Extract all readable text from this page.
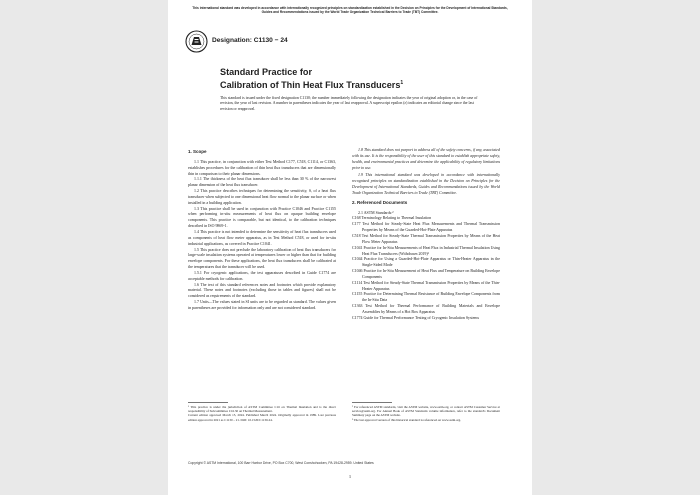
This international standard was developed in accordance with internationally recognized principles on standardization established in the Decision on Principles for the Development of International Standards, Guides and Recommendations issued by the World Trade Organization Technical Barriers to Trade (TBT) Committee.
Designation: C1130 − 24
Standard Practice for
Calibration of Thin Heat Flux Transducers$^1$
This standard is issued under the fixed designation C1130; the number immediately following the designation indicates the year of original adoption or, in the case of revision, the year of last revision. A number in parentheses indicates the year of last reapproval. A superscript epsilon (ε) indicates an editorial change since the last revision or reapproval.

1. Scope

1.1 This practice, in conjunction with either Test Method C177, C518, C1114, or C1363, establishes procedures for the calibration of thin heat flux transducers that are dimensionally thin in comparison to their planar dimensions.

1.1.1 The thickness of the heat flux transducer shall be less than 30 % of the narrowest planar dimension of the heat flux transducer.

1.2 This practice describes techniques for determining the sensitivity, S, of a heat flux transducer when subjected to one dimensional heat flow normal to the planar surface or when installed in a building application.

1.3 This practice shall be used in conjunction with Practice C1046 and Practice C1155 when performing in-situ measurements of heat flux on opaque building envelope components. This practice is comparable, but not identical, to the calibration techniques described in ISO 9869-1.

1.4 This practice is not intended to determine the sensitivity of heat flux transducers used as components of heat flow meter apparatus, as in Test Method C518, or used for in-situ industrial applications, as covered in Practice C1041.

1.5 This practice does not preclude the laboratory calibration of heat flux transducers for large-scale insulation systems operated at temperatures lower or higher than that for building envelope components. For these applications, the heat flux transducers shall be calibrated at the temperatures that the transducer will be used.

1.5.1 For cryogenic applications, the test apparatuses described in Guide C1774 are acceptable methods for calibration.

1.6 The text of this standard references notes and footnotes which provide explanatory material. These notes and footnotes (excluding those in tables and figures) shall not be considered as requirements of the standard.

1.7 Units—The values stated in SI units are to be regarded as standard. The values given in parentheses are provided for information only and are not considered standard.

¹ This practice is under the jurisdiction of ASTM Committee C16 on Thermal Insulation and is the direct responsibility of Subcommittee C16.30 on Thermal Measurement.
Current edition approved March 15, 2024. Published March 2024. Originally approved in 1989. Last previous edition approved in 2021 as C1130 – 21. DOI: 10.1520/C1130-24.

1.8 This standard does not purport to address all of the safety concerns, if any, associated with its use. It is the responsibility of the user of this standard to establish appropriate safety, health, and environmental practices and determine the applicability of regulatory limitations prior to use.

1.9 This international standard was developed in accordance with internationally recognized principles on standardization established in the Decision on Principles for the Development of International Standards, Guides and Recommendations issued by the World Trade Organization Technical Barriers to Trade (TBT) Committee.

2. Referenced Documents

2.1 ASTM Standards:²

C168 Terminology Relating to Thermal Insulation

C177 Test Method for Steady-State Heat Flux Measurements and Thermal Transmission Properties by Means of the Guarded-Hot-Plate Apparatus

C518 Test Method for Steady-State Thermal Transmission Properties by Means of the Heat Flow Meter Apparatus

C1041 Practice for In-Situ Measurements of Heat Flux in Industrial Thermal Insulation Using Heat Flux Transducers (Withdrawn 2019)³

C1044 Practice for Using a Guarded-Hot-Plate Apparatus or Thin-Heater Apparatus in the Single-Sided Mode

C1046 Practice for In-Situ Measurement of Heat Flux and Temperature on Building Envelope Components

C1114 Test Method for Steady-State Thermal Transmission Properties by Means of the Thin-Heater Apparatus

C1155 Practice for Determining Thermal Resistance of Building Envelope Components from the In-Situ Data

C1363 Test Method for Thermal Performance of Building Materials and Envelope Assemblies by Means of a Hot Box Apparatus

C1774 Guide for Thermal Performance Testing of Cryogenic Insulation Systems

² For referenced ASTM standards, visit the ASTM website, www.astm.org, or contact ASTM Customer Service at service@astm.org. For Annual Book of ASTM Standards volume information, refer to the standard's Document Summary page on the ASTM website.
³ The last approved version of this historical standard is referenced on www.astm.org.
Copyright © ASTM International, 100 Barr Harbor Drive, PO Box C700, West Conshohocken, PA 19428-2959. United States
1
